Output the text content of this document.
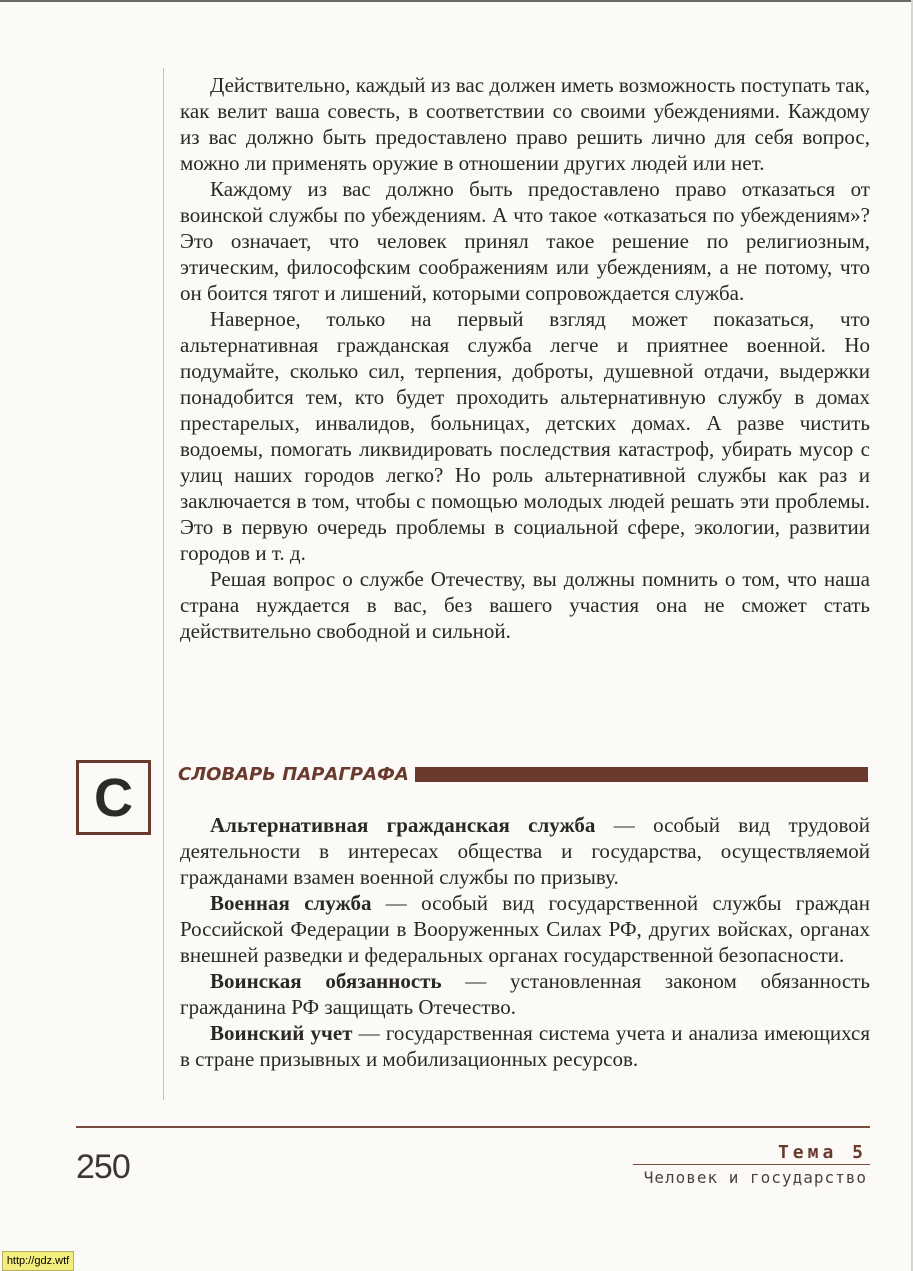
Действительно, каждый из вас должен иметь возможность поступать так, как велит ваша совесть, в соответствии со своими убеждениями. Каждому из вас должно быть предоставлено право решить лично для себя вопрос, можно ли применять оружие в отношении других людей или нет.

Каждому из вас должно быть предоставлено право отказаться от воинской службы по убеждениям. А что такое «отказаться по убеждениям»? Это означает, что человек принял такое решение по религиозным, этическим, философским соображениям или убеждениям, а не потому, что он боится тягот и лишений, которыми сопровождается служба.

Наверное, только на первый взгляд может показаться, что альтернативная гражданская служба легче и приятнее военной. Но подумайте, сколько сил, терпения, доброты, душевной отдачи, выдержки понадобится тем, кто будет проходить альтернативную службу в домах престарелых, инвалидов, больницах, детских домах. А разве чистить водоемы, помогать ликвидировать последствия катастроф, убирать мусор с улиц наших городов легко? Но роль альтернативной службы как раз и заключается в том, чтобы с помощью молодых людей решать эти проблемы. Это в первую очередь проблемы в социальной сфере, экологии, развитии городов и т. д.

Решая вопрос о службе Отечеству, вы должны помнить о том, что наша страна нуждается в вас, без вашего участия она не сможет стать действительно свободной и сильной.

С	СЛОВАРЬ ПАРАГРАФА

Альтернативная гражданская служба — особый вид трудовой деятельности в интересах общества и государства, осуществляемой гражданами взамен военной службы по призыву.

Военная служба — особый вид государственной службы граждан Российской Федерации в Вооруженных Силах РФ, других войсках, органах внешней разведки и федеральных органах государственной безопасности.

Воинская обязанность — установленная законом обязанность гражданина РФ защищать Отечество.

Воинский учет — государственная система учета и анализа имеющихся в стране призывных и мобилизационных ресурсов.

250	Тема 5
Человек и государство
http://gdz.wtf
